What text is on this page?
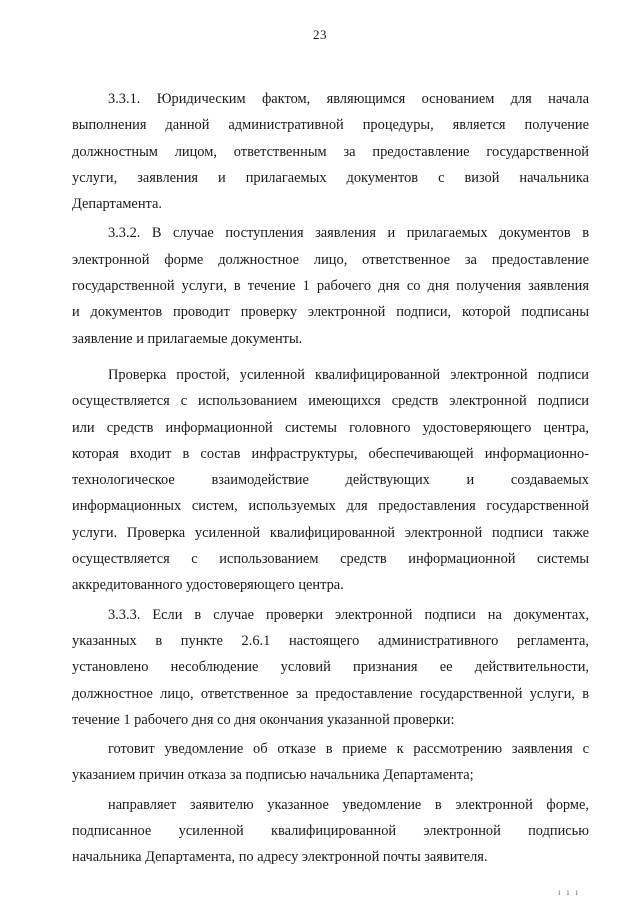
23
3.3.1. Юридическим фактом, являющимся основанием для начала
выполнения данной административной процедуры, является получение
должностным лицом, ответственным за предоставление государственной
услуги, заявления и прилагаемых документов с визой начальника
Департамента.
3.3.2. В случае поступления заявления и прилагаемых документов в
электронной форме должностное лицо, ответственное за предоставление
государственной услуги, в течение 1 рабочего дня со дня получения заявления
и документов проводит проверку электронной подписи, которой подписаны
заявление и прилагаемые документы.
Проверка простой, усиленной квалифицированной электронной подписи
осуществляется с использованием имеющихся средств электронной подписи
или средств информационной системы головного удостоверяющего центра,
которая входит в состав инфраструктуры, обеспечивающей информационно-
технологическое взаимодействие действующих и создаваемых
информационных систем, используемых для предоставления государственной
услуги. Проверка усиленной квалифицированной электронной подписи также
осуществляется с использованием средств информационной системы
аккредитованного удостоверяющего центра.
3.3.3. Если в случае проверки электронной подписи на документах,
указанных в пункте 2.6.1 настоящего административного регламента,
установлено несоблюдение условий признания ее действительности,
должностное лицо, ответственное за предоставление государственной услуги, в
течение 1 рабочего дня со дня окончания указанной проверки:
готовит уведомление об отказе в приеме к рассмотрению заявления с
указанием причин отказа за подписью начальника Департамента;
направляет заявителю указанное уведомление в электронной форме,
подписанное усиленной квалифицированной электронной подписью
начальника Департамента, по адресу электронной почты заявителя.
ı ı ı
